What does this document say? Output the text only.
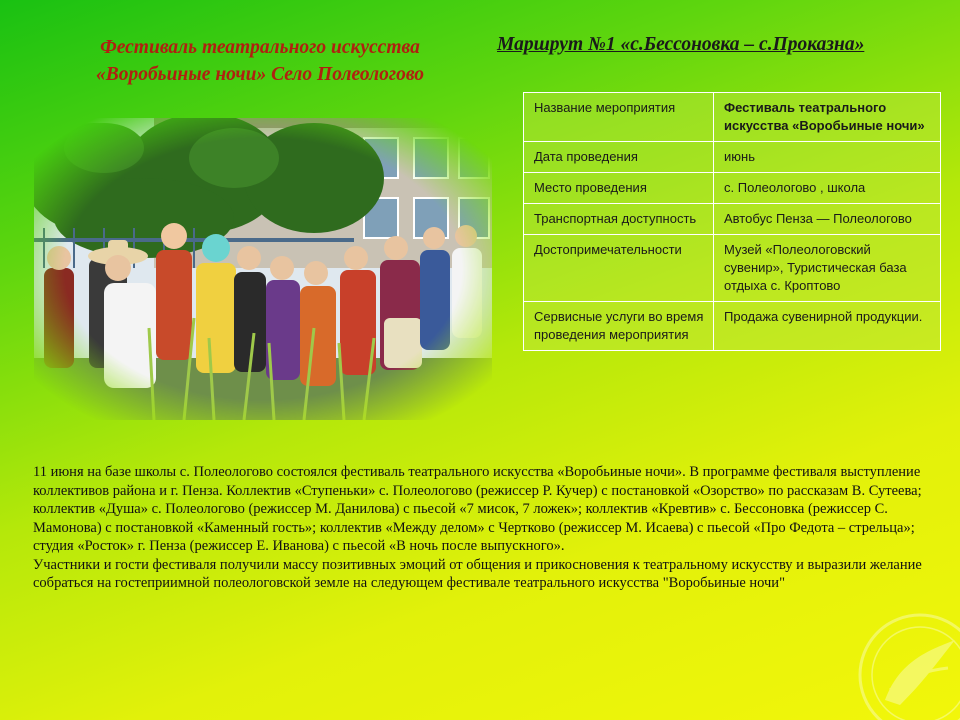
Фестиваль театрального искусства
«Воробьиные ночи» Село Полеологово
Маршрут №1 «с.Бессоновка – с.Проказна»
Название мероприятия	Фестиваль театрального искусства «Воробьиные ночи»
Дата проведения	июнь
Место проведения	с. Полеологово , школа
Транспортная доступность	Автобус Пенза — Полеологово
Достопримечательности	Музей «Полеологовский сувенир», Туристическая база отдыха с. Кроптово
Сервисные услуги во время проведения мероприятия	Продажа сувенирной продукции.

11 июня на базе школы с. Полеологово состоялся фестиваль театрального искусства «Воробьиные ночи». В программе фестиваля выступление коллективов района и г. Пенза. Коллектив «Ступеньки» с. Полеологово (режиссер Р. Кучер) с постановкой «Озорство» по рассказам В. Сутеева; коллектив «Душа» с. Полеологово (режиссер М. Данилова) с пьесой «7 мисок, 7 ложек»; коллектив «Кревтив» с. Бессоновка (режиссер С. Мамонова) с постановкой «Каменный гость»; коллектив «Между делом» с Чертково (режиссер М. Исаева) с пьесой «Про Федота – стрельца»; студия «Росток» г. Пенза (режиссер Е. Иванова) с пьесой «В ночь после выпускного».

Участники и гости фестиваля получили массу позитивных эмоций от общения и прикосновения к театральному искусству и выразили желание собраться на гостеприимной полеологовской земле на следующем фестивале театрального искусства "Воробьиные ночи"
